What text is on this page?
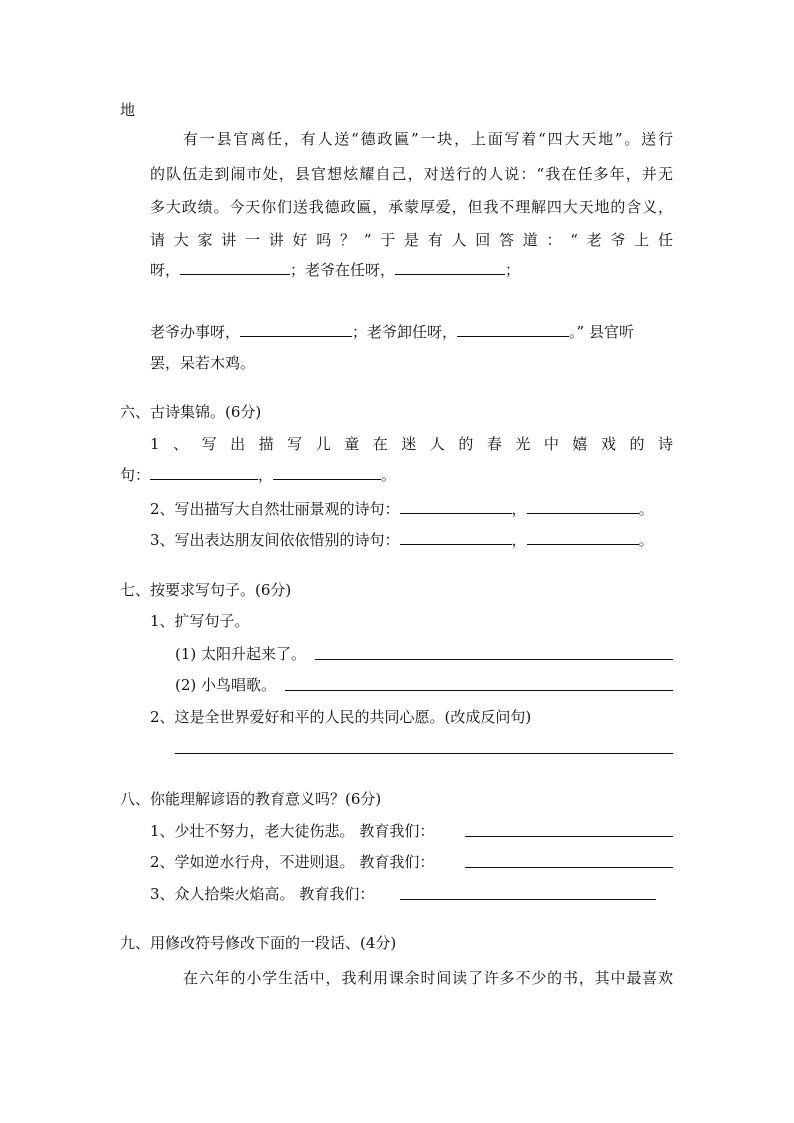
地
有一县官离任，有人送“德政匾”一块，上面写着“四大天地”。送行
的队伍走到闹市处，县官想炫耀自己，对送行的人说：“我在任多年，并无
多大政绩。今天你们送我德政匾，承蒙厚爱，但我不理解四大天地的含义，
请大家讲一讲好吗？”于是有人回答道：“老爷上任
呀，	；老爷在任呀，	；
老爷办事呀，	；老爷卸任呀，	。” 县官听
罢，呆若木鸡。
六、古诗集锦。(6分)
1、写出描写儿童在迷人的春光中嬉戏的诗
句：	，	。
2、写出描写大自然壮丽景观的诗句：	，	。
3、写出表达朋友间依依惜别的诗句：	，	。
七、按要求写句子。(6分)
1、扩写句子。
(1) 太阳升起来了。
(2) 小鸟唱歌。
2、这是全世界爱好和平的人民的共同心愿。(改成反问句)
八、你能理解谚语的教育意义吗？(6分)
1、少壮不努力，老大徒伤悲。 教育我们：
2、学如逆水行舟，不进则退。 教育我们：
3、众人拾柴火焰高。 教育我们：
九、用修改符号修改下面的一段话、(4分)
在六年的小学生活中，我利用课余时间读了许多不少的书，其中最喜欢
